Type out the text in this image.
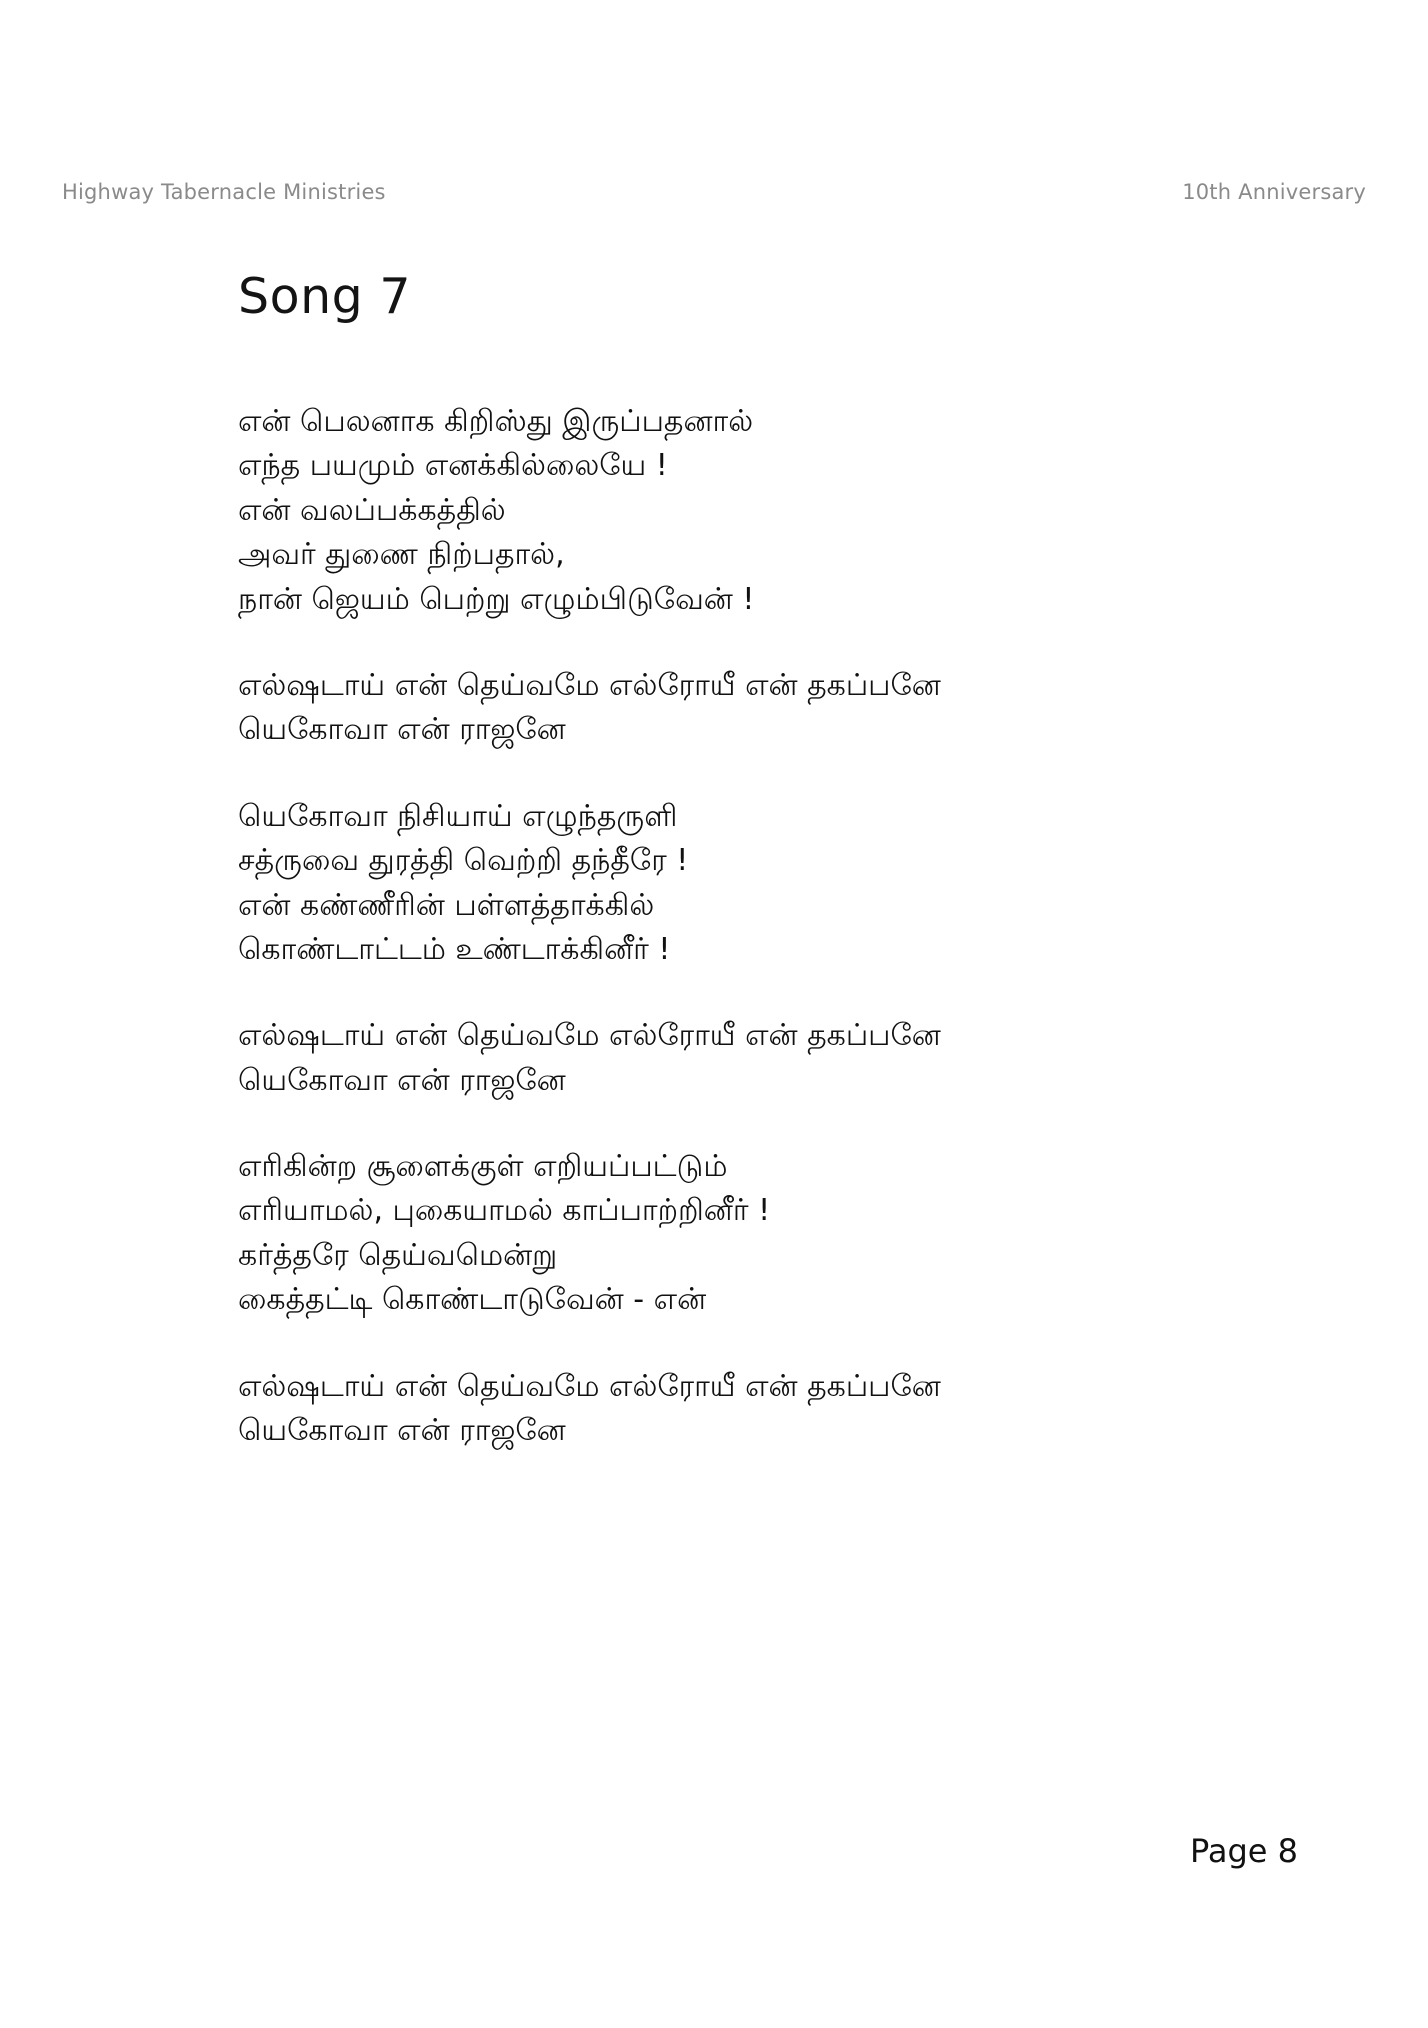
Highway Tabernacle Ministries	10th Anniversary
Song 7
என் பெலனாக கிறிஸ்து இருப்பதனால்
எந்த பயமும் எனக்கில்லையே !
என் வலப்பக்கத்தில்
அவர் துணை நிற்பதால்,
நான் ஜெயம் பெற்று எழும்பிடுவேன் !
எல்ஷடாய் என் தெய்வமே எல்ரோயீ என் தகப்பனே
யெகோவா என் ராஜனே
யெகோவா நிசியாய் எழுந்தருளி
சத்ருவை துரத்தி வெற்றி தந்தீரே !
என் கண்ணீரின் பள்ளத்தாக்கில்
கொண்டாட்டம் உண்டாக்கினீர் !
எல்ஷடாய் என் தெய்வமே எல்ரோயீ என் தகப்பனே
யெகோவா என் ராஜனே
எரிகின்ற சூளைக்குள் எறியப்பட்டும்
எரியாமல், புகையாமல் காப்பாற்றினீர் !
கர்த்தரே தெய்வமென்று
கைத்தட்டி கொண்டாடுவேன் - என்
எல்ஷடாய் என் தெய்வமே எல்ரோயீ என் தகப்பனே
யெகோவா என் ராஜனே
Page 8
